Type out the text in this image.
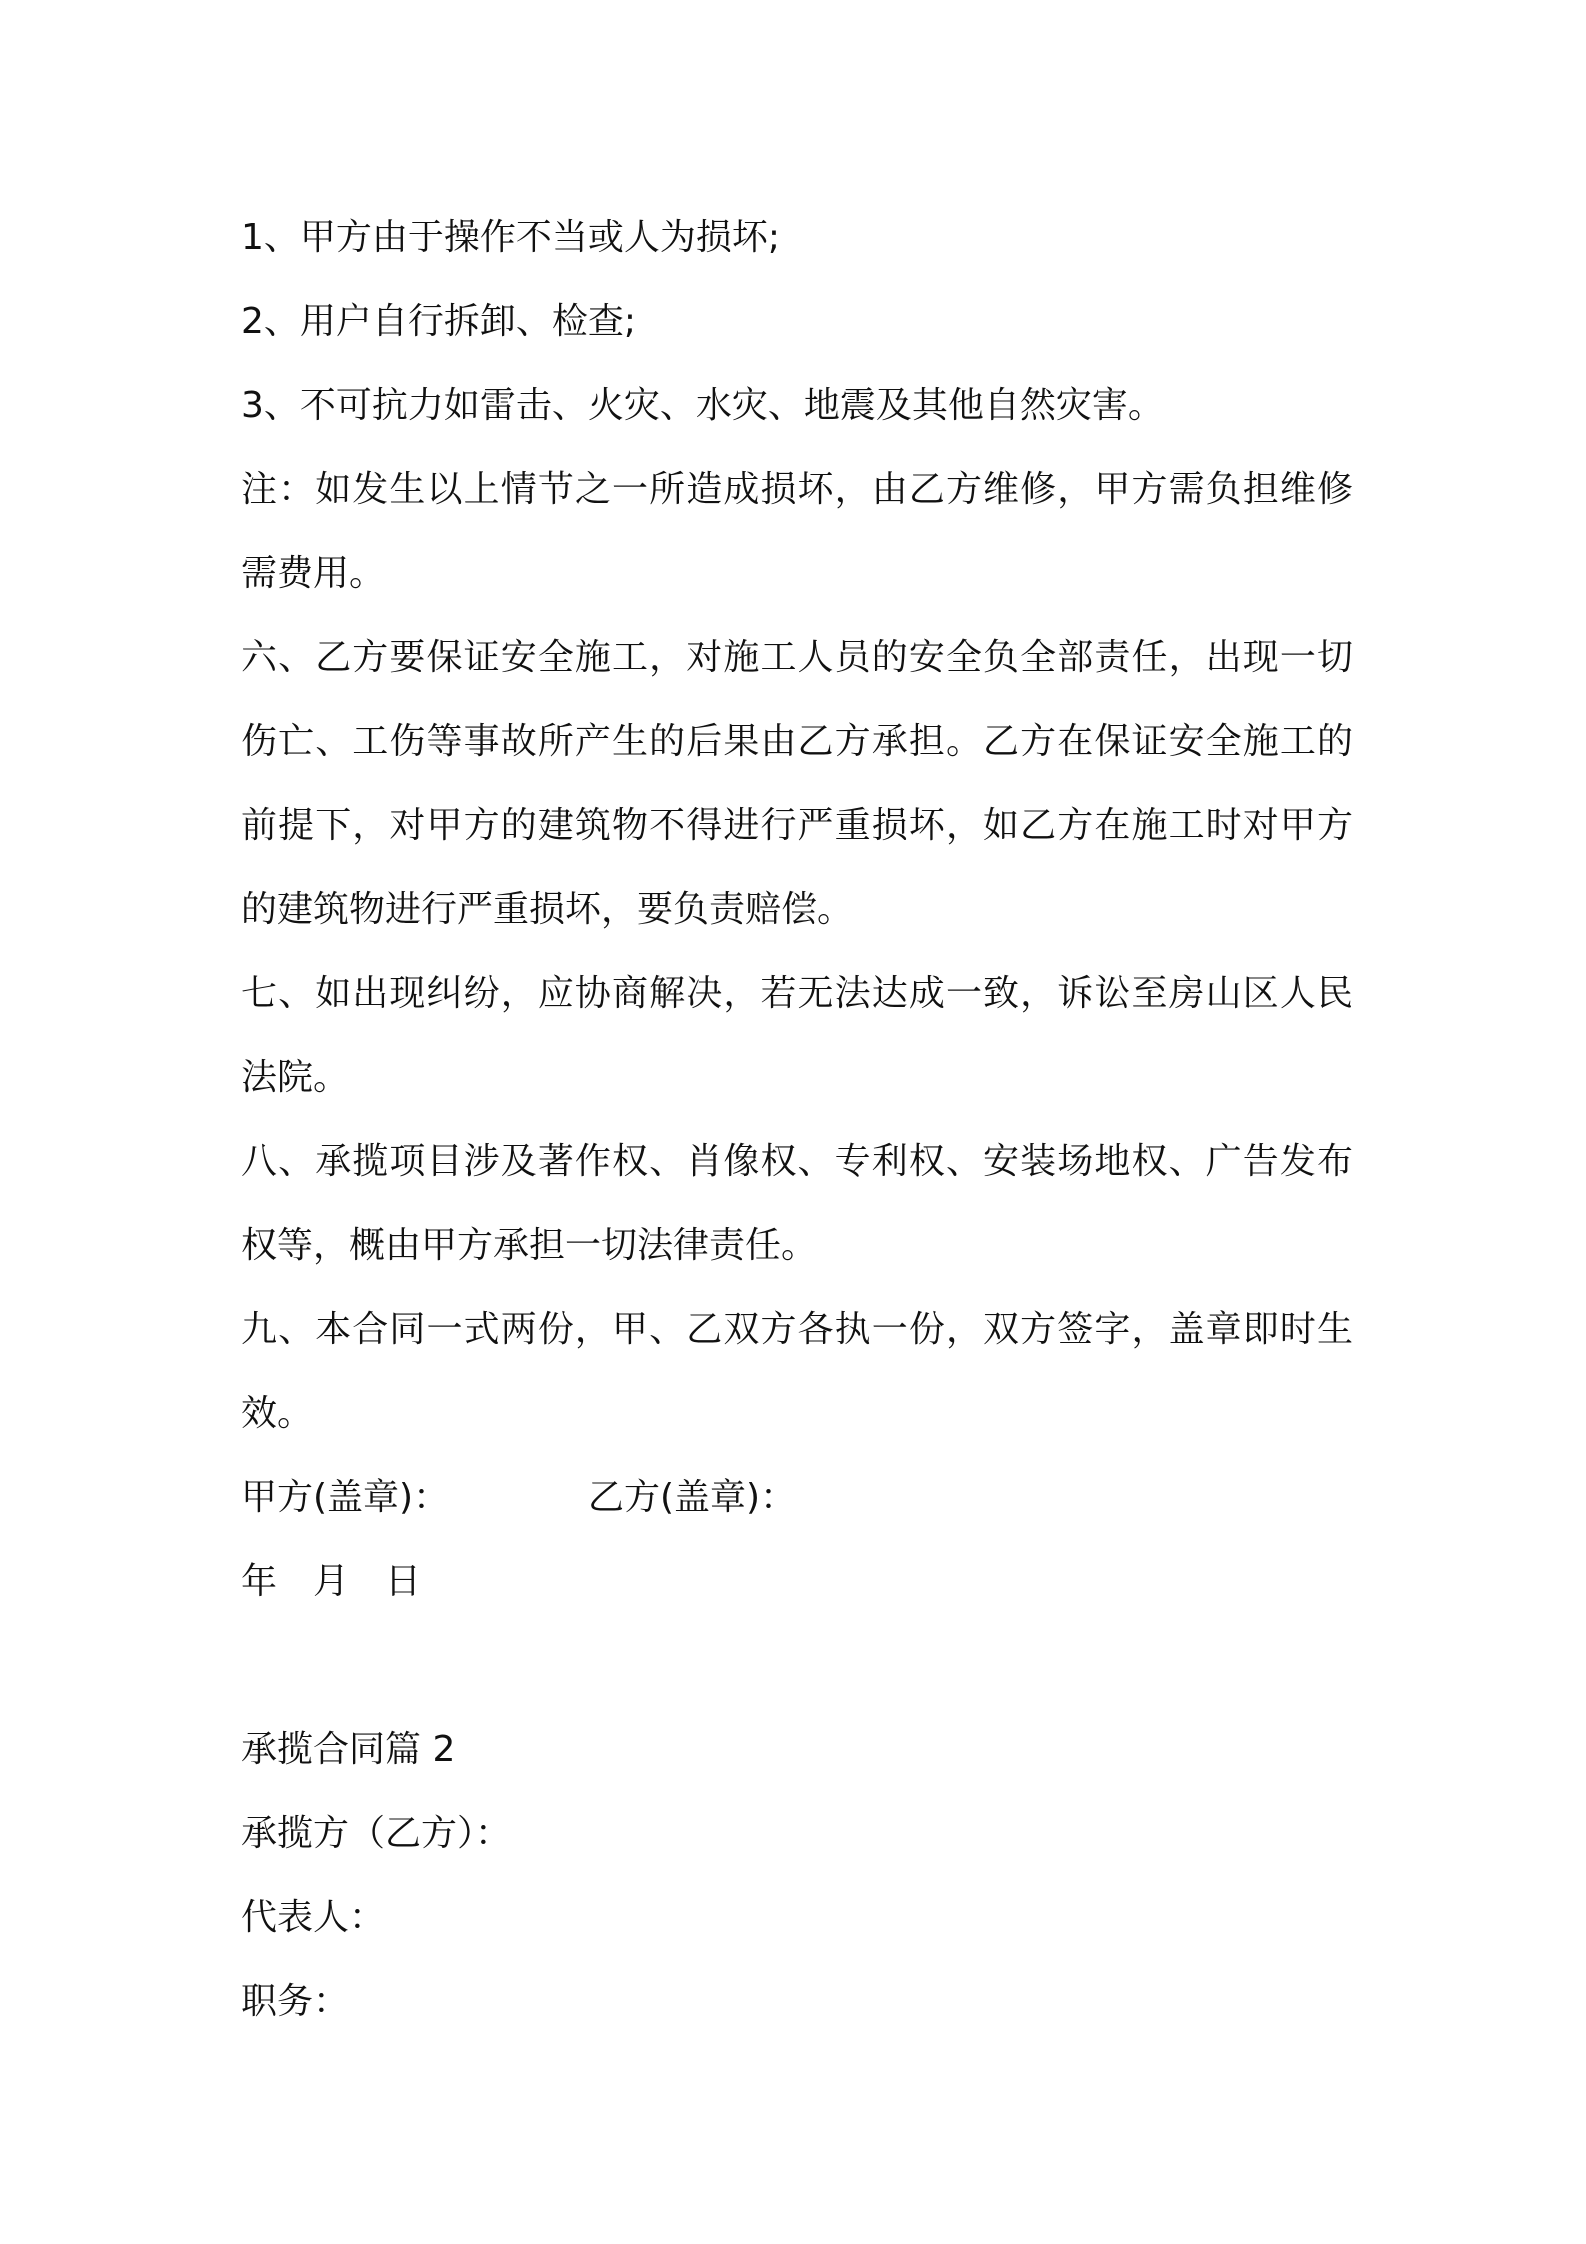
1、甲方由于操作不当或人为损坏;

2、用户自行拆卸、检查;

3、不可抗力如雷击、火灾、水灾、地震及其他自然灾害。

注：如发生以上情节之一所造成损坏，由乙方维修，甲方需负担维修需费用。

六、乙方要保证安全施工，对施工人员的安全负全部责任，出现一切伤亡、工伤等事故所产生的后果由乙方承担。乙方在保证安全施工的前提下，对甲方的建筑物不得进行严重损坏，如乙方在施工时对甲方的建筑物进行严重损坏，要负责赔偿。

七、如出现纠纷，应协商解决，若无法达成一致，诉讼至房山区人民法院。

八、承揽项目涉及著作权、肖像权、专利权、安装场地权、广告发布权等，概由甲方承担一切法律责任。

九、本合同一式两份，甲、乙双方各执一份，双方签字，盖章即时生效。

甲方(盖章)：	乙方(盖章)：

年　月　日

承揽合同篇 2

承揽方（乙方）：

代表人：

职务：
